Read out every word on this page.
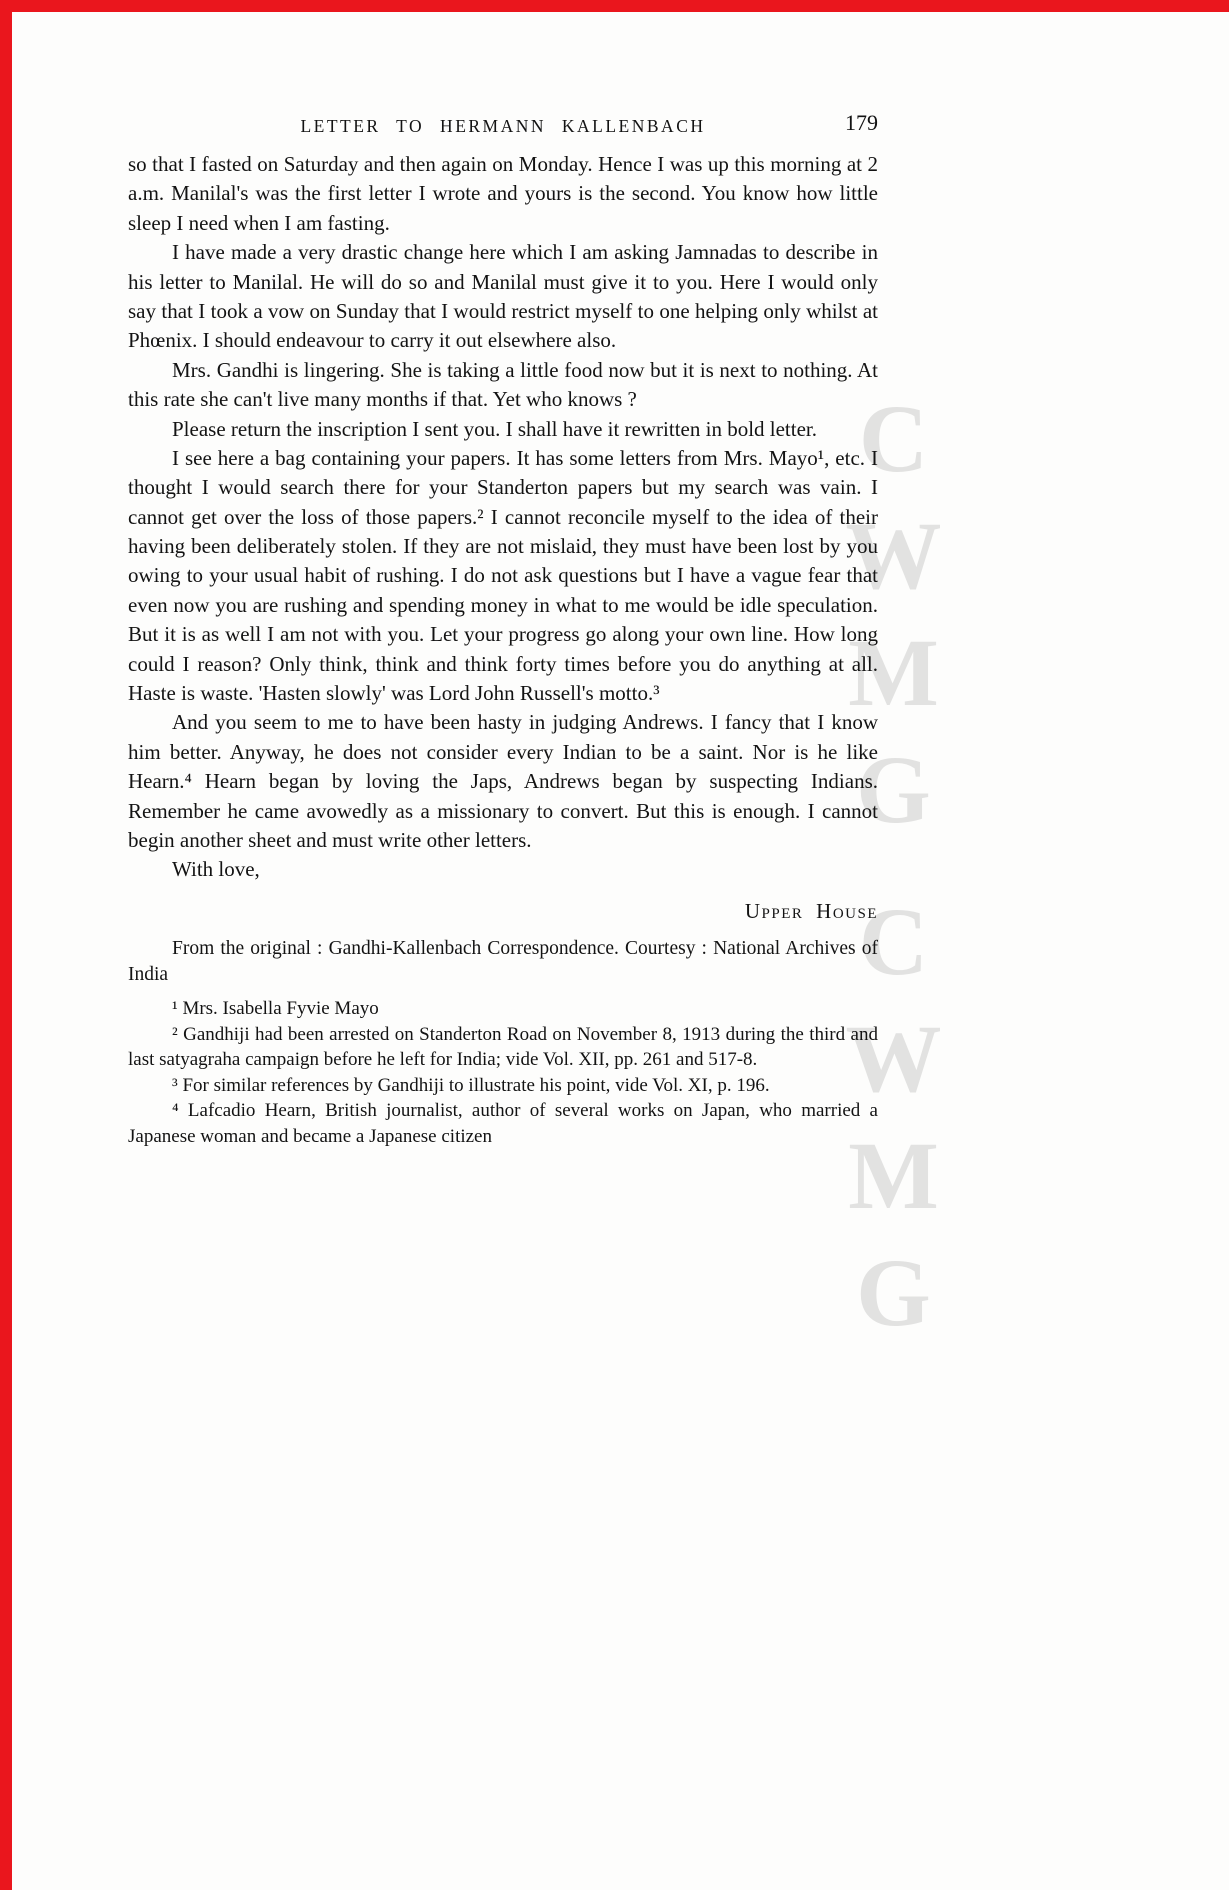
CWMG
CWMG
LETTER TO HERMANN KALLENBACH	179

so that I fasted on Saturday and then again on Monday. Hence I was up this morning at 2 a.m. Manilal's was the first letter I wrote and yours is the second. You know how little sleep I need when I am fasting.

I have made a very drastic change here which I am asking Jamnadas to describe in his letter to Manilal. He will do so and Manilal must give it to you. Here I would only say that I took a vow on Sunday that I would restrict myself to one helping only whilst at Phœnix. I should endeavour to carry it out elsewhere also.

Mrs. Gandhi is lingering. She is taking a little food now but it is next to nothing. At this rate she can't live many months if that. Yet who knows ?

Please return the inscription I sent you. I shall have it rewritten in bold letter.

I see here a bag containing your papers. It has some letters from Mrs. Mayo¹, etc. I thought I would search there for your Standerton papers but my search was vain. I cannot get over the loss of those papers.² I cannot reconcile myself to the idea of their having been deliberately stolen. If they are not mislaid, they must have been lost by you owing to your usual habit of rushing. I do not ask questions but I have a vague fear that even now you are rushing and spending money in what to me would be idle speculation. But it is as well I am not with you. Let your progress go along your own line. How long could I reason? Only think, think and think forty times before you do anything at all. Haste is waste. 'Hasten slowly' was Lord John Russell's motto.³

And you seem to me to have been hasty in judging Andrews. I fancy that I know him better. Anyway, he does not consider every Indian to be a saint. Nor is he like Hearn.⁴ Hearn began by loving the Japs, Andrews began by suspecting Indians. Remember he came avowedly as a missionary to convert. But this is enough. I cannot begin another sheet and must write other letters.

With love,

Upper House
From the original : Gandhi-Kallenbach Correspondence. Courtesy : National Archives of India

¹ Mrs. Isabella Fyvie Mayo

² Gandhiji had been arrested on Standerton Road on November 8, 1913 during the third and last satyagraha campaign before he left for India; vide Vol. XII, pp. 261 and 517-8.

³ For similar references by Gandhiji to illustrate his point, vide Vol. XI, p. 196.

⁴ Lafcadio Hearn, British journalist, author of several works on Japan, who married a Japanese woman and became a Japanese citizen
